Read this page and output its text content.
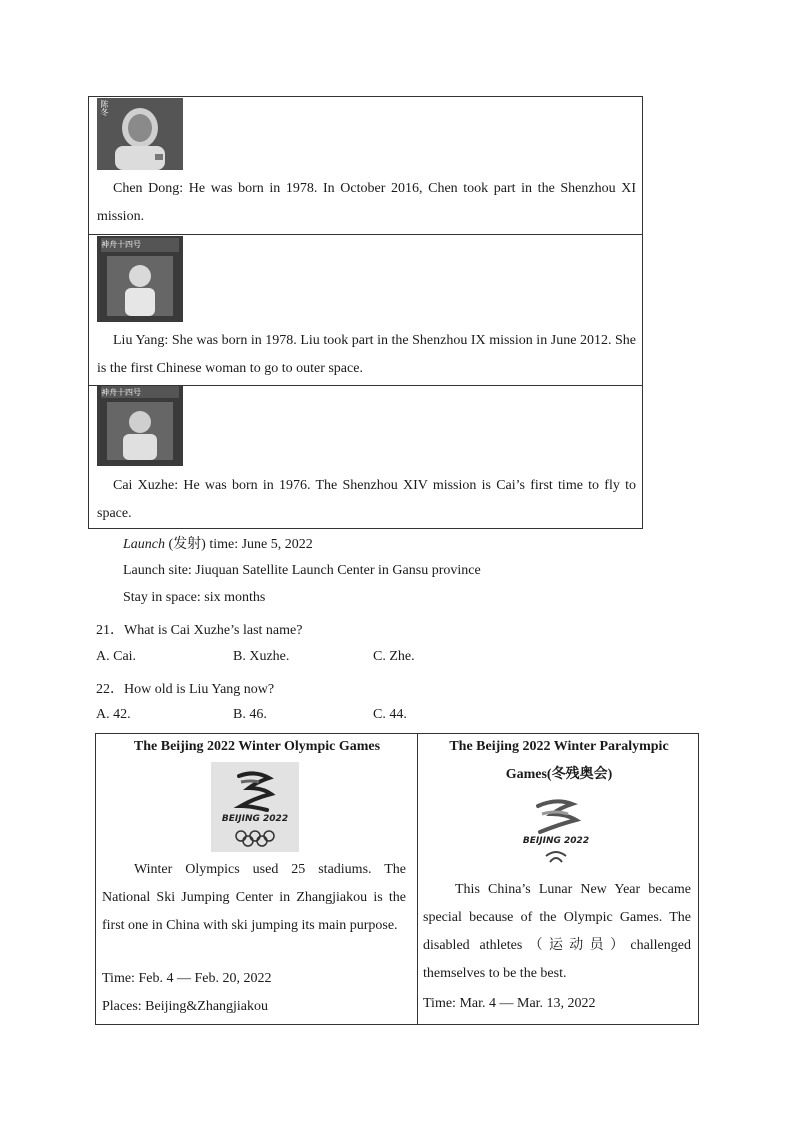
陈冬
Chen Dong: He was born in 1978. In October 2016, Chen took part in the Shenzhou XI mission.
神舟十四号
Liu Yang: She was born in 1978. Liu took part in the Shenzhou IX mission in June 2012. She is the first Chinese woman to go to outer space.
神舟十四号
Cai Xuzhe: He was born in 1976. The Shenzhou XIV mission is Cai’s first time to fly to space.
Launch (发射) time: June 5, 2022
Launch site: Jiuquan Satellite Launch Center in Gansu province
Stay in space: six months
21．What is Cai Xuzhe’s last name?
A. Cai.	B. Xuzhe.	C. Zhe.
22．How old is Liu Yang now?
A. 42.	B. 46.	C. 44.
The Beijing 2022 Winter Olympic Games
BEIJING 2022
Winter Olympics used 25 stadiums. The National Ski Jumping Center in Zhangjiakou is the first one in China with ski jumping its main purpose.
Time: Feb. 4 — Feb. 20, 2022
Places: Beijing&Zhangjiakou
The Beijing 2022 Winter Paralympic
Games(冬残奥会)
BEIJING 2022
This China’s Lunar New Year became special because of the Olympic Games. The disabled athletes（运动员）challenged themselves to be the best.
Time: Mar. 4 — Mar. 13, 2022
